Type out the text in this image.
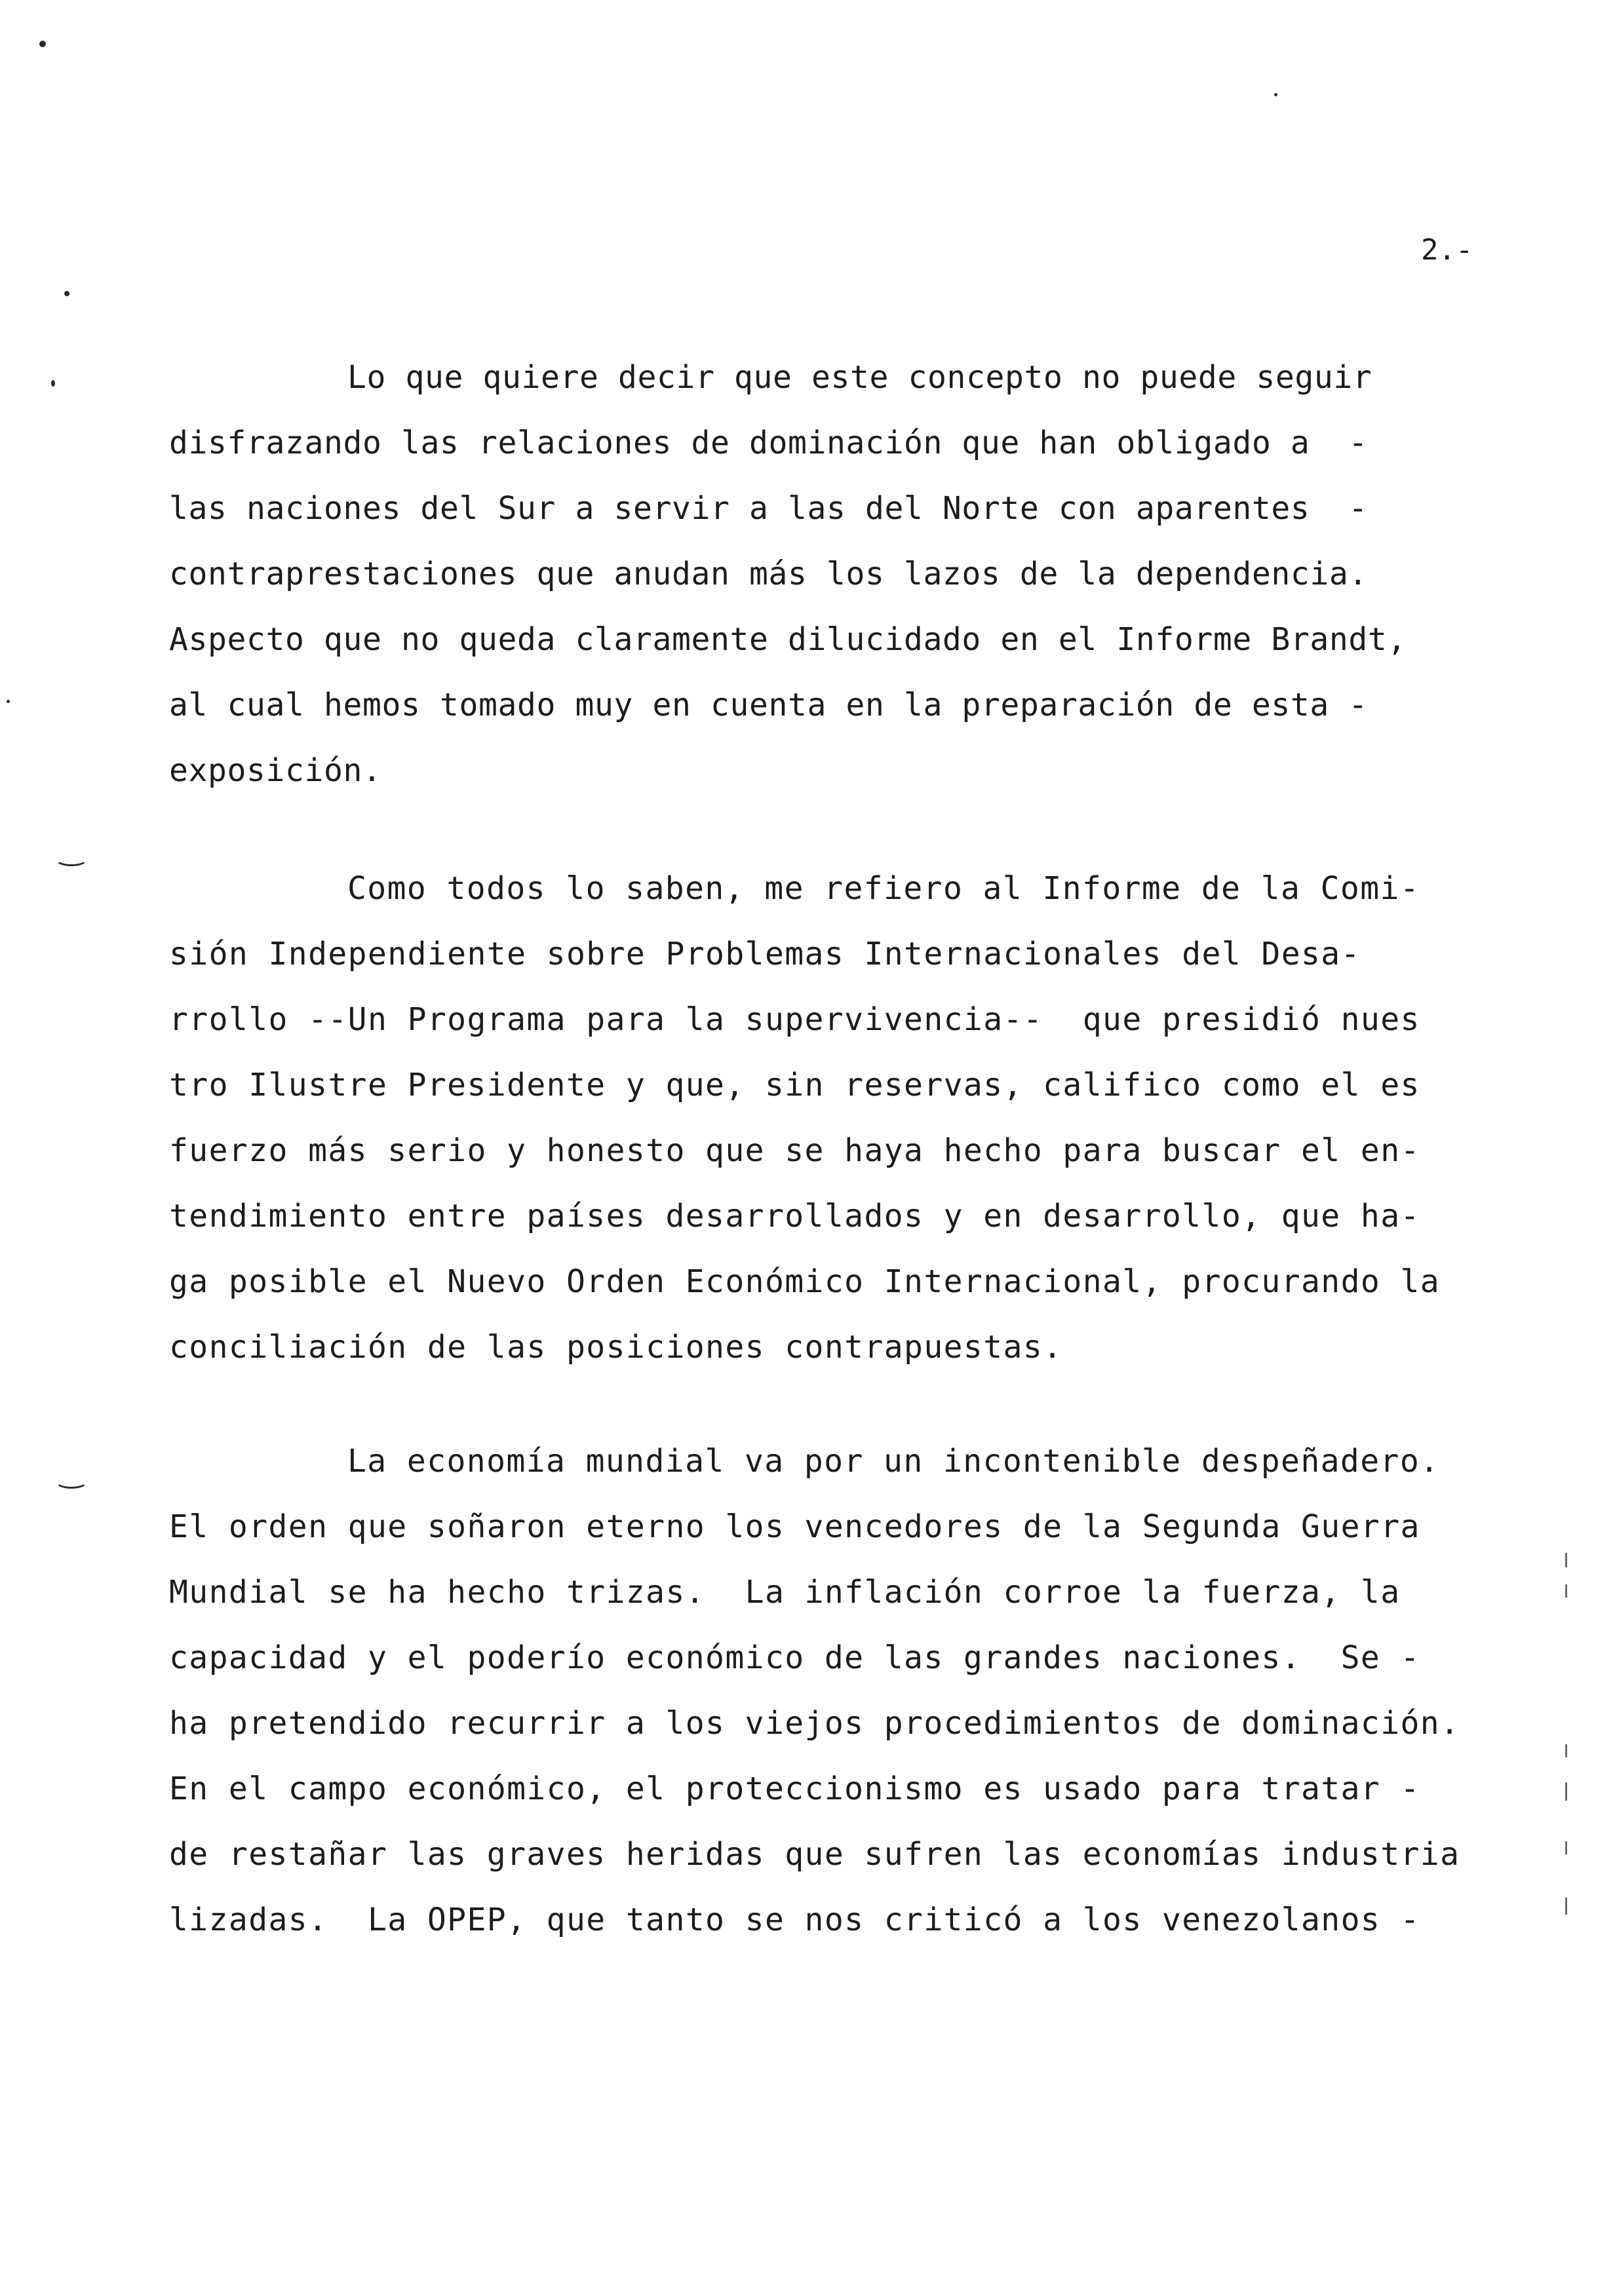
2.-
Lo que quiere decir que este concepto no puede seguir
disfrazando las relaciones de dominación que han obligado a  -
las naciones del Sur a servir a las del Norte con aparentes  -
contraprestaciones que anudan más los lazos de la dependencia.
Aspecto que no queda claramente dilucidado en el Informe Brandt,
al cual hemos tomado muy en cuenta en la preparación de esta -
exposición.
Como todos lo saben, me refiero al Informe de la Comi-
sión Independiente sobre Problemas Internacionales del Desa-
rrollo --Un Programa para la supervivencia--  que presidió nues
tro Ilustre Presidente y que, sin reservas, califico como el es
fuerzo más serio y honesto que se haya hecho para buscar el en-
tendimiento entre países desarrollados y en desarrollo, que ha-
ga posible el Nuevo Orden Económico Internacional, procurando la
conciliación de las posiciones contrapuestas.
La economía mundial va por un incontenible despeñadero.
El orden que soñaron eterno los vencedores de la Segunda Guerra
Mundial se ha hecho trizas.  La inflación corroe la fuerza, la
capacidad y el poderío económico de las grandes naciones.  Se -
ha pretendido recurrir a los viejos procedimientos de dominación.
En el campo económico, el proteccionismo es usado para tratar -
de restañar las graves heridas que sufren las economías industria
lizadas.  La OPEP, que tanto se nos criticó a los venezolanos -
